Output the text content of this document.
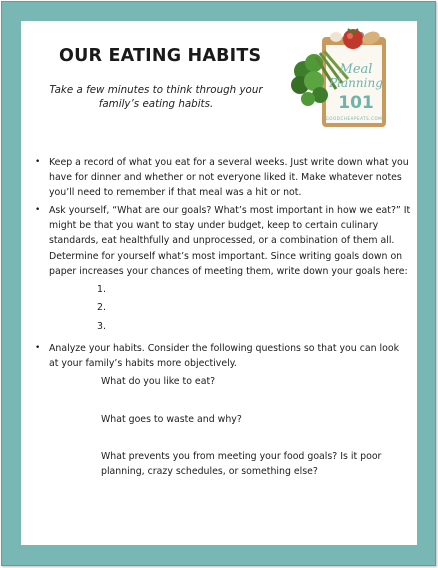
OUR EATING HABITS
Take a few minutes to think through your family’s eating habits.
Meal
Planning
101
GOODCHEAPEATS.COM
• Keep a record of what you eat for a several weeks. Just write down what you have for dinner and whether or not everyone liked it. Make whatever notes you’ll need to remember if that meal was a hit or not.
• Ask yourself, “What are our goals? What’s most important in how we eat?” It might be that you want to stay under budget, keep to certain culinary standards, eat healthfully and unprocessed, or a combination of them all. Determine for yourself what’s most important. Since writing goals down on paper increases your chances of meeting them, write down your goals here:
1.
2.
3.
• Analyze your habits. Consider the following questions so that you can look at your family’s habits more objectively.
What do you like to eat?
What goes to waste and why?
What prevents you from meeting your food goals? Is it poor planning, crazy schedules, or something else?
